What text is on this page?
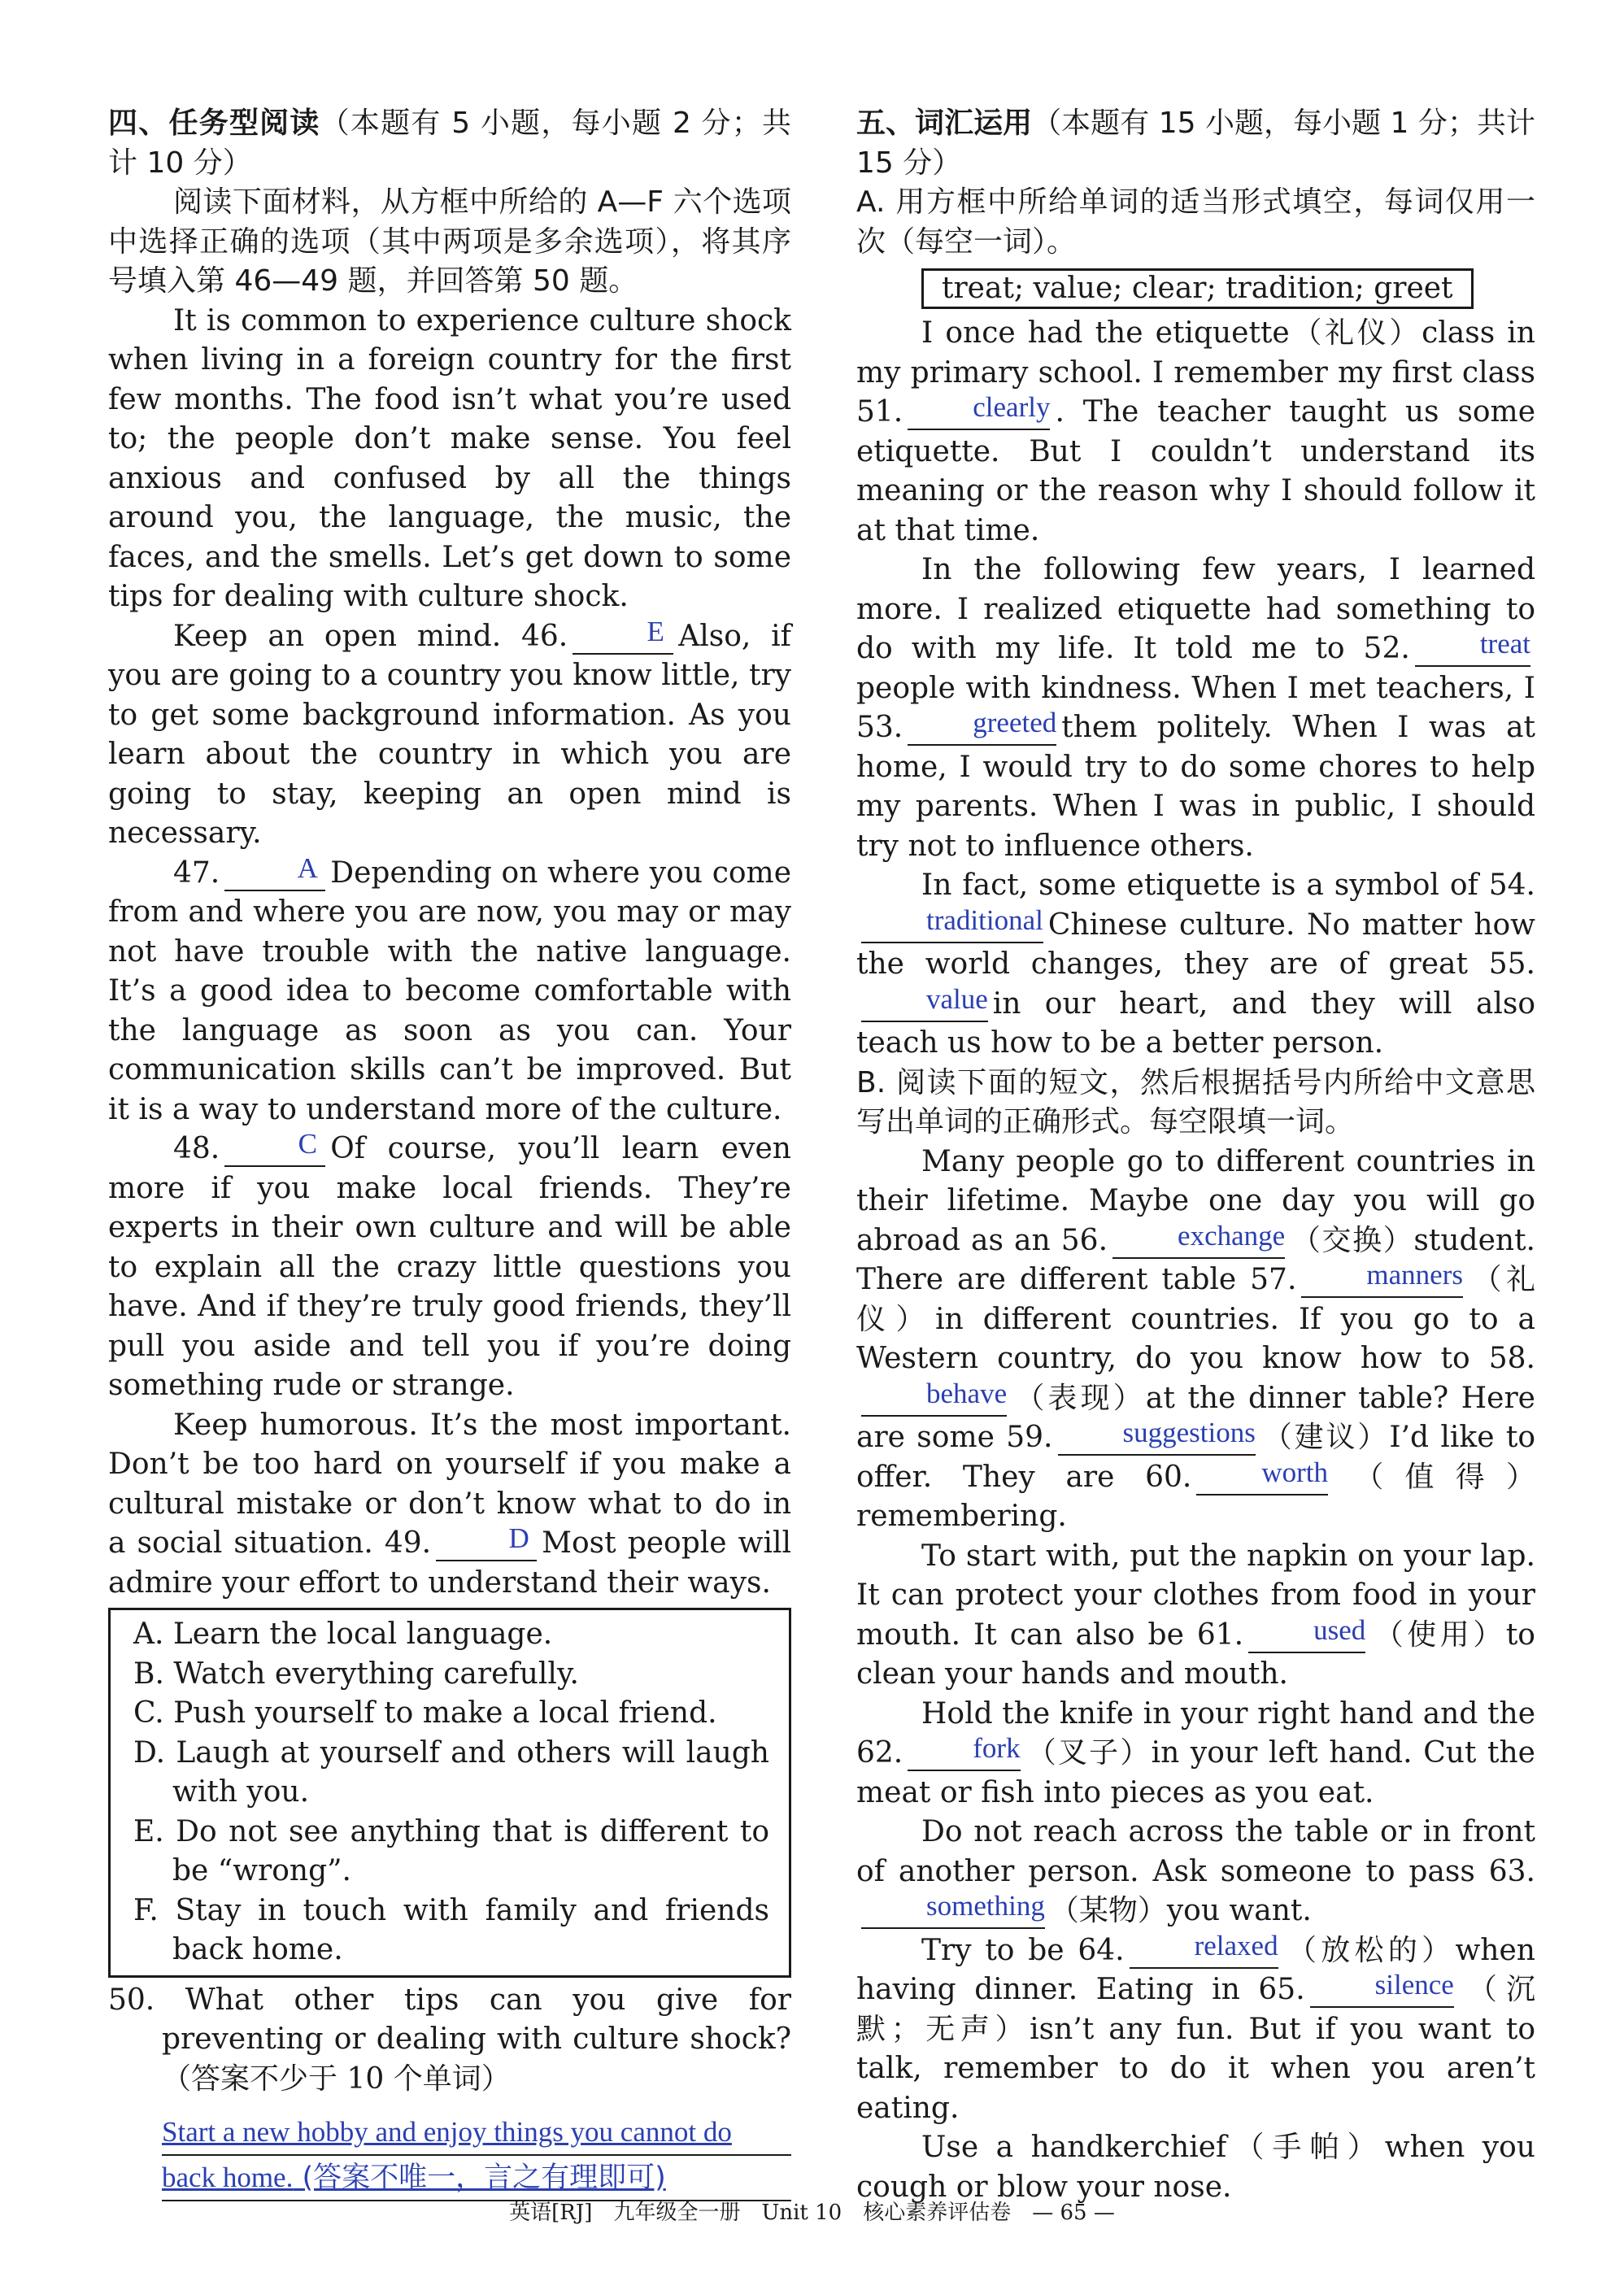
四、任务型阅读（本题有 5 小题，每小题 2 分；共计 10 分）

阅读下面材料，从方框中所给的 A—F 六个选项中选择正确的选项（其中两项是多余选项），将其序号填入第 46—49 题，并回答第 50 题。

It is common to experience culture shock when living in a foreign country for the first few months. The food isn’t what you’re used to; the people don’t make sense. You feel anxious and confused by all the things around you, the language, the music, the faces, and the smells. Let’s get down to some tips for dealing with culture shock.

Keep an open mind. 46.	E Also, if you are going to a country you know little, try to get some background information. As you learn about the country in which you are going to stay, keeping an open mind is necessary.

47.	A Depending on where you come from and where you are now, you may or may not have trouble with the native language. It’s a good idea to become comfortable with the language as soon as you can. Your communication skills can’t be improved. But it is a way to understand more of the culture.

48.	C Of course, you’ll learn even more if you make local friends. They’re experts in their own culture and will be able to explain all the crazy little questions you have. And if they’re truly good friends, they’ll pull you aside and tell you if you’re doing something rude or strange.

Keep humorous. It’s the most important. Don’t be too hard on yourself if you make a cultural mistake or don’t know what to do in a social situation. 49.	D Most people will admire your effort to understand their ways.

A. Learn the local language.

B. Watch everything carefully.

C. Push yourself to make a local friend.

D. Laugh at yourself and others will laugh with you.

E. Do not see anything that is different to be “wrong”.

F. Stay in touch with family and friends back home.

50. What other tips can you give for preventing or dealing with culture shock?（答案不少于 10 个单词）

Start a new hobby and enjoy things you cannot do
back home. (答案不唯一，言之有理即可)

五、词汇运用（本题有 15 小题，每小题 1 分；共计 15 分）

A. 用方框中所给单词的适当形式填空，每词仅用一次（每空一词）。

treat; value; clear; tradition; greet

I once had the etiquette（礼仪）class in my primary school. I remember my first class 51. clearly . The teacher taught us some etiquette. But I couldn’t understand its meaning or the reason why I should follow it at that time.

In the following few years, I learned more. I realized etiquette had something to do with my life. It told me to 52. treatpeople with kindness. When I met teachers, I 53. greeted them politely. When I was at home, I would try to do some chores to help my parents. When I was in public, I should try not to influence others.

In fact, some etiquette is a symbol of 54.traditional Chinese culture. No matter how the world changes, they are of great 55.value in our heart, and they will also teach us how to be a better person.

B. 阅读下面的短文，然后根据括号内所给中文意思写出单词的正确形式。每空限填一词。

Many people go to different countries in their lifetime. Maybe one day you will go abroad as an 56. exchange （交换）student. There are different table 57. manners （礼仪）in different countries. If you go to a Western country, do you know how to 58.behave （表现）at the dinner table? Here are some 59. suggestions （建议）I’d like to offer. They are 60. worth （值得）remembering.

To start with, put the napkin on your lap. It can protect your clothes from food in your mouth. It can also be 61. used （使用）to clean your hands and mouth.

Hold the knife in your right hand and the 62. fork （叉子）in your left hand. Cut the meat or fish into pieces as you eat.

Do not reach across the table or in front of another person. Ask someone to pass 63.something （某物）you want.

Try to be 64. relaxed （放松的）when having dinner. Eating in 65. silence （沉默；无声）isn’t any fun. But if you want to talk, remember to do it when you aren’t eating.

Use a handkerchief（手帕）when you cough or blow your nose.

英语[RJ]　九年级全一册　Unit 10　核心素养评估卷　— 65 —
